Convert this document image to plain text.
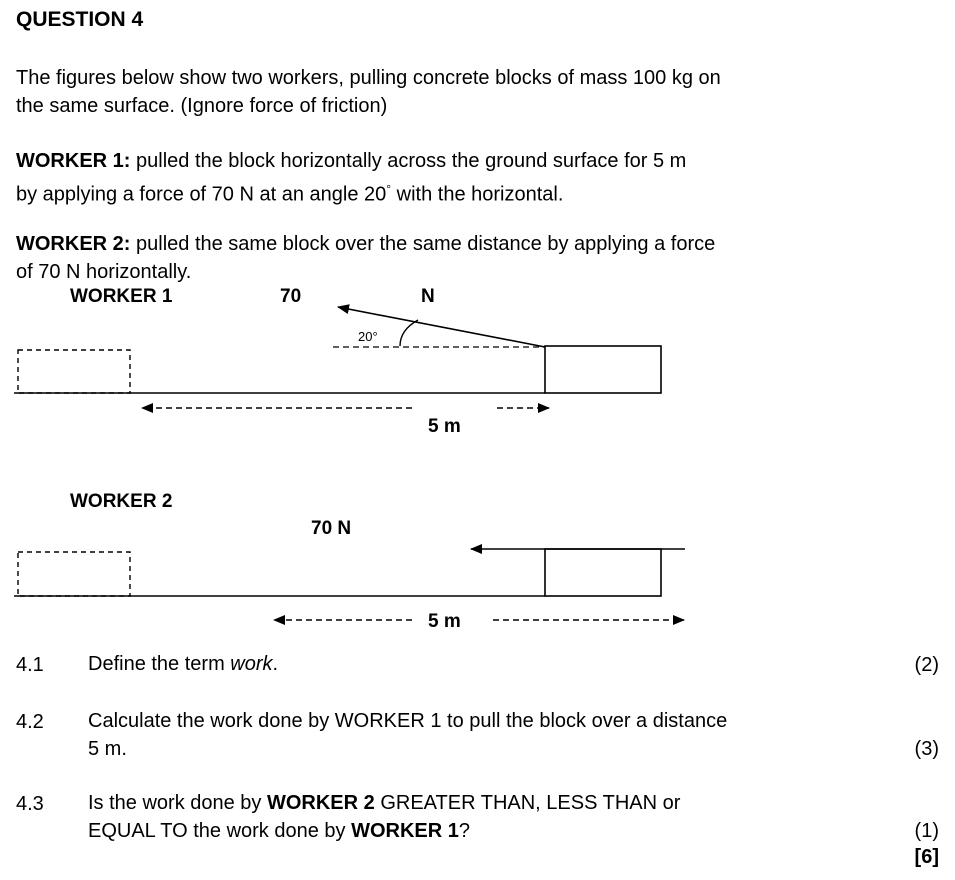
QUESTION 4
The figures below show two workers, pulling concrete blocks of mass 100 kg on
the same surface. (Ignore force of friction)
WORKER 1: pulled the block horizontally across the ground surface for 5 m
by applying a force of 70 N at an angle 20° with the horizontal.
WORKER 2: pulled the same block over the same distance by applying a force
of 70 N horizontally.
WORKER 1	70	N
20°
5 m
WORKER 2
70 N
5 m
4.1 Define the term work.	(2)
4.2 Calculate the work done by WORKER 1 to pull the block over a distance
5 m.	(3)
4.3 Is the work done by WORKER 2 GREATER THAN, LESS THAN or
EQUAL TO the work done by WORKER 1?	(1)
[6]
